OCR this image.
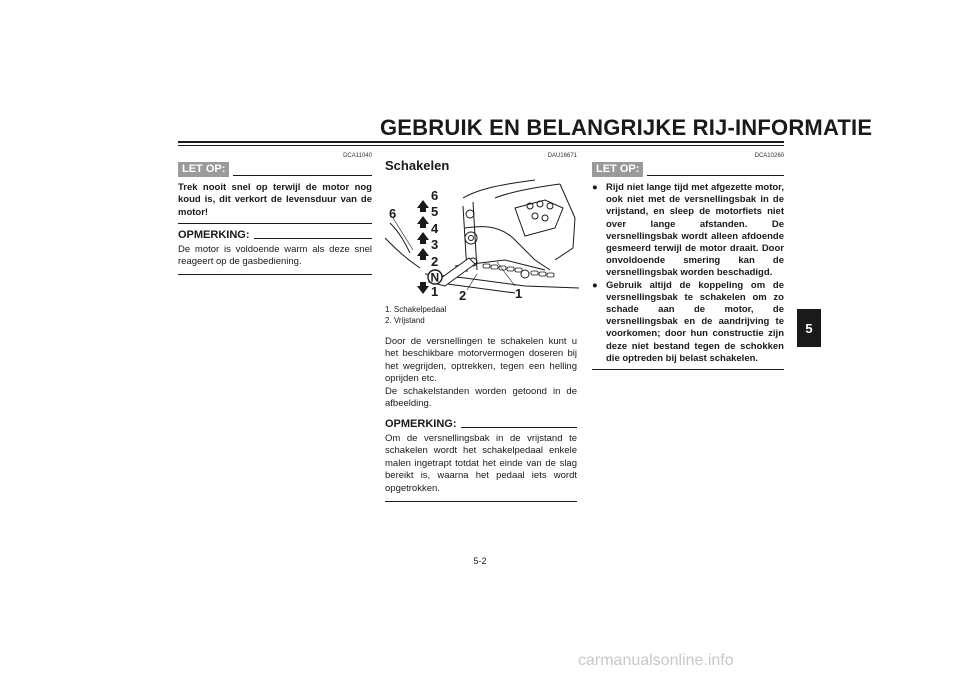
GEBRUIK EN BELANGRIJKE RIJ-INFORMATIE
DCA11040
LET OP:
Trek nooit snel op terwijl de motor nog koud is, dit verkort de levensduur van de motor!
OPMERKING:
De motor is voldoende warm als deze snel reageert op de gasbediening.
DAU16671
Schakelen
6
5
4
3
2
1
6
2	1
N
1. Schakelpedaal
2. Vrijstand
Door de versnellingen te schakelen kunt u het beschikbare motorvermogen doseren bij het wegrijden, optrekken, tegen een helling oprijden etc.
De schakelstanden worden getoond in de afbeelding.
OPMERKING:
Om de versnellingsbak in de vrijstand te schakelen wordt het schakelpedaal enkele malen ingetrapt totdat het einde van de slag bereikt is, waarna het pedaal iets wordt opgetrokken.
DCA10260
LET OP:
● Rijd niet lange tijd met afgezette motor, ook niet met de versnellingsbak in de vrijstand, en sleep de motorfiets niet over lange afstanden. De versnellingsbak wordt alleen afdoende gesmeerd terwijl de motor draait. Door onvoldoende smering kan de versnellingsbak worden beschadigd.
● Gebruik altijd de koppeling om de versnellingsbak te schakelen om zo schade aan de motor, de versnellingsbak en de aandrijving te voorkomen; door hun constructie zijn deze niet bestand tegen de schokken die optreden bij belast schakelen.
5
5-2
carmanualsonline.info
